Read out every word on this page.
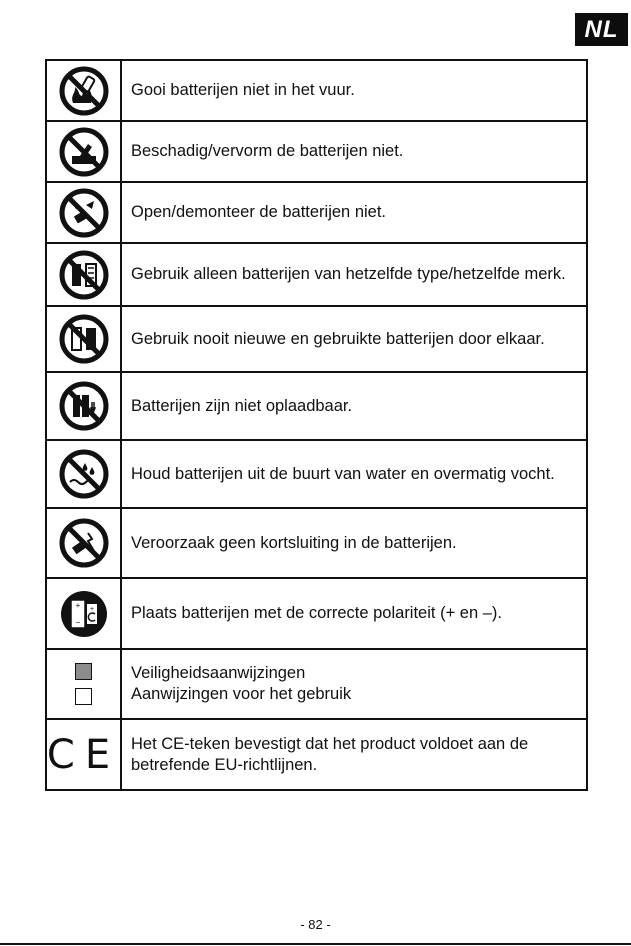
NL
Gooi batterijen niet in het vuur.
Beschadig/vervorm de batterijen niet.
Open/demonteer de batterijen niet.
Gebruik alleen batterijen van hetzelfde type/hetzelfde merk.
Gebruik nooit nieuwe en gebruikte batterijen door elkaar.
Batterijen zijn niet oplaadbaar.
Houd batterijen uit de buurt van water en overmatig vocht.
Veroorzaak geen kortsluiting in de batterijen.
+
−
+	Plaats batterijen met de correcte polariteit (+ en –).
Veiligheidsaanwijzingen
Aanwijzingen voor het gebruik
CE Het CE-teken bevestigt dat het product voldoet aan de betrefende EU-richtlijnen.
- 82 -
